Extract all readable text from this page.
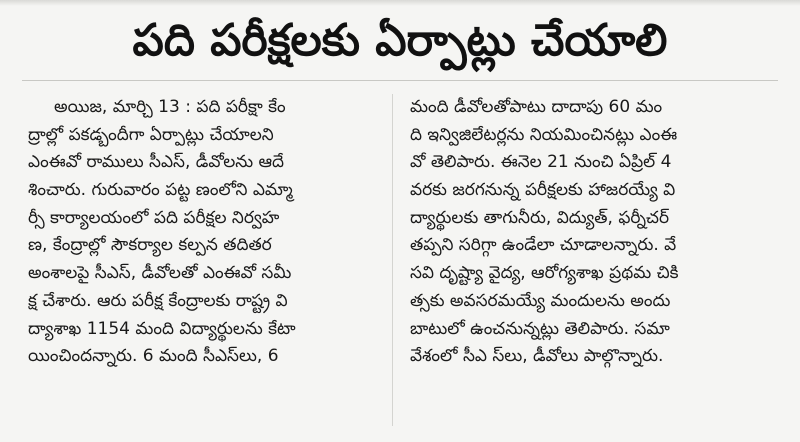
పది పరీక్షలకు ఏర్పాట్లు చేయాలి
అయిజ, మార్చి 13 : పది పరీక్షా కేం
ద్రాల్లో పకడ్బందీగా ఏర్పాట్లు చేయాలని
ఎంఈవో రాములు సీఎస్, డీవోలను ఆదే
శించారు. గురువారం పట్ట ణంలోని ఎమ్మా
ర్సీ కార్యాలయంలో పది పరీక్షల నిర్వహ
ణ, కేంద్రాల్లో సౌకర్యాల కల్పన తదితర
అంశాలపై సీఎస్, డీవోలతో ఎంఈవో సమీ
క్ష చేశారు. ఆరు పరీక్ష కేంద్రాలకు రాష్ట్ర వి
ద్యాశాఖ 1154 మంది విద్యార్థులను కేటా
యించిందన్నారు. 6 మంది సీఎస్‌లు, 6
మంది డీవోలతోపాటు దాదాపు 60 మం
ది ఇన్విజిలేటర్లను నియమించినట్లు ఎంఈ
వో తెలిపారు. ఈనెల 21 నుంచి ఏప్రిల్ 4
వరకు జరగనున్న పరీక్షలకు హాజరయ్యే వి
ద్యార్థులకు తాగునీరు, విద్యుత్, ఫర్నీచర్
తప్పని సరిగ్గా ఉండేలా చూడాలన్నారు. వే
సవి దృష్ట్యా వైద్య, ఆరోగ్యశాఖ ప్రథమ చికి
త్సకు అవసరమయ్యే మందులను అందు
బాటులో ఉంచనున్నట్లు తెలిపారు. సమా
వేశంలో సీఎ స్‌లు, డీవోలు పాల్గొన్నారు.
